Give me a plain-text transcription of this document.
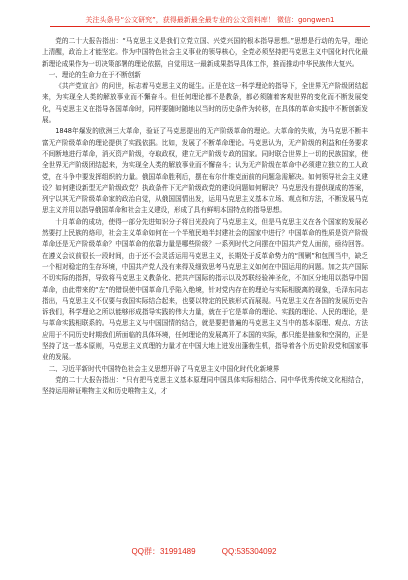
关注头条号“公文研究”，获得最新最全最专业的公文资料库！ 微信：gongwen1

党的二十大报告指出：“马克思主义是我们立党立国、兴党兴国的根本指导思想。”思想是行动的先导，理论上清醒，政治上才能坚定。作为中国特色社会主义事业的领导核心，全党必须坚持把马克思主义中国化时代化最新理论成果作为一切决策部署的理论依据，自觉用这一最新成果指导具体工作，推而推动中华民族伟大复兴。

一、理论的生命力在于不断创新

《共产党宣言》的问世，标志着马克思主义的诞生。正是在这一科学理论的指导下，全世界无产阶级团结起来，为实现全人类的解放事业而不懈奋斗。但任何理论都不是教条，都必须随着客观世界的变化而不断发展变化，马克思主义在指导各国革命时，同样要随时随地以当时的历史条件为转移，在具体的革命实践中不断创新发展。

1848年爆发的欧洲三大革命，验证了马克思提出的无产阶级革命的理论。大革命的失败，为马克思不断丰富无产阶级革命的理论提供了实践依据。比如，发展了不断革命理论。马克思认为，无产阶级的利益和任务要求不间断地进行革命，消灭资产阶级，夺取政权，建立无产阶级专政的国家。同时联合世界上一切的民族国家，使全世界无产阶级团结起来，为实现全人类的解放事业而不懈奋斗；认为无产阶级在革命中必须建立独立的工人政党，在斗争中要发挥组织的力量。俄国革命胜利后，摆在布尔什维克面前的问题急需解决。如何领导社会主义建设？如何建设新型无产阶级政党？执政条件下无产阶级政党的建设问题如何解决？马克思没有提供现成的答案，列宁以其无产阶级革命家的政治自觉，从俄国国情出发，运用马克思主义基本立场、观点和方法，不断发展马克思主义并用以指导俄国革命和社会主义建设，形成了具有鲜明本国特点的指导思想。

十月革命的成功，使得一部分先进知识分子将目光投向了马克思主义，但是马克思主义在各个国家的发展必然要打上民族的烙印，社会主义革命如何在一个半殖民地半封建社会的国家中进行？中国革命的性质是资产阶级革命还是无产阶级革命？中国革命的依靠力量是哪些阶级？一系列时代之问摆在中国共产党人面前，亟待回答。在遵义会议前很长一段时间，由于还不会灵活运用马克思主义，长期处于反革命势力的“围剿”和包围当中，缺乏一个相对稳定的生存环境，中国共产党人没有来得及细致思考马克思主义如何在中国运用的问题。加之共产国际不切实际的指挥，导致将马克思主义教条化、把共产国际的指示以及苏联经验神圣化，不加区分地用以指导中国革命，由此带来的“左”的错误使中国革命几乎陷入绝境，针对党内存在的理论与实际相脱离的现象，毛泽东同志指出，马克思主义不仅要与我国实际结合起来，也要以特定的民族形式而展现。马克思主义在各国的发展历史告诉我们，科学理论之所以能够形成指导实践的伟大力量，就在于它是革命的理论、实践的理论、人民的理论，是与革命实践相联系的。马克思主义与中国国情的结合，就是要把普遍的马克思主义当中的基本原理、观点、方法应用于不同历史时期我们所面临的具体环境，任何理论的发展离开了本国的实际，都只能是抽象和空洞的，正是坚持了这一基本原则，马克思主义真理的力量才在中国大地上迸发出蓬勃生机，指导着各个历史阶段党和国家事业的发展。

二、习近平新时代中国特色社会主义思想开辟了马克思主义中国化时代化新境界

党的二十大报告指出：“只有把马克思主义基本原理同中国具体实际相结合、同中华优秀传统文化相结合，坚持运用辩证唯物主义和历史唯物主义，才

QQ群：31991489	QQ:535304092
